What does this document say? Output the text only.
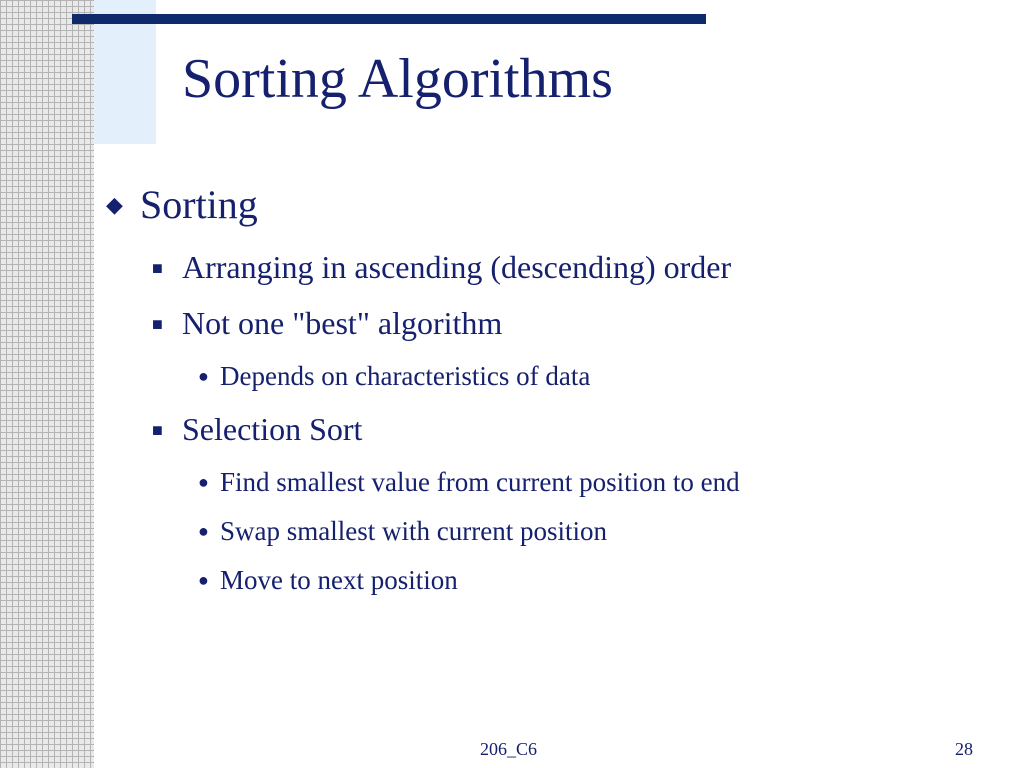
Sorting Algorithms
◆ Sorting
■ Arranging in ascending (descending) order
■ Not one "best" algorithm
● Depends on characteristics of data
■ Selection Sort
● Find smallest value from current position to end
● Swap smallest with current position
● Move to next position
206_C6	28
